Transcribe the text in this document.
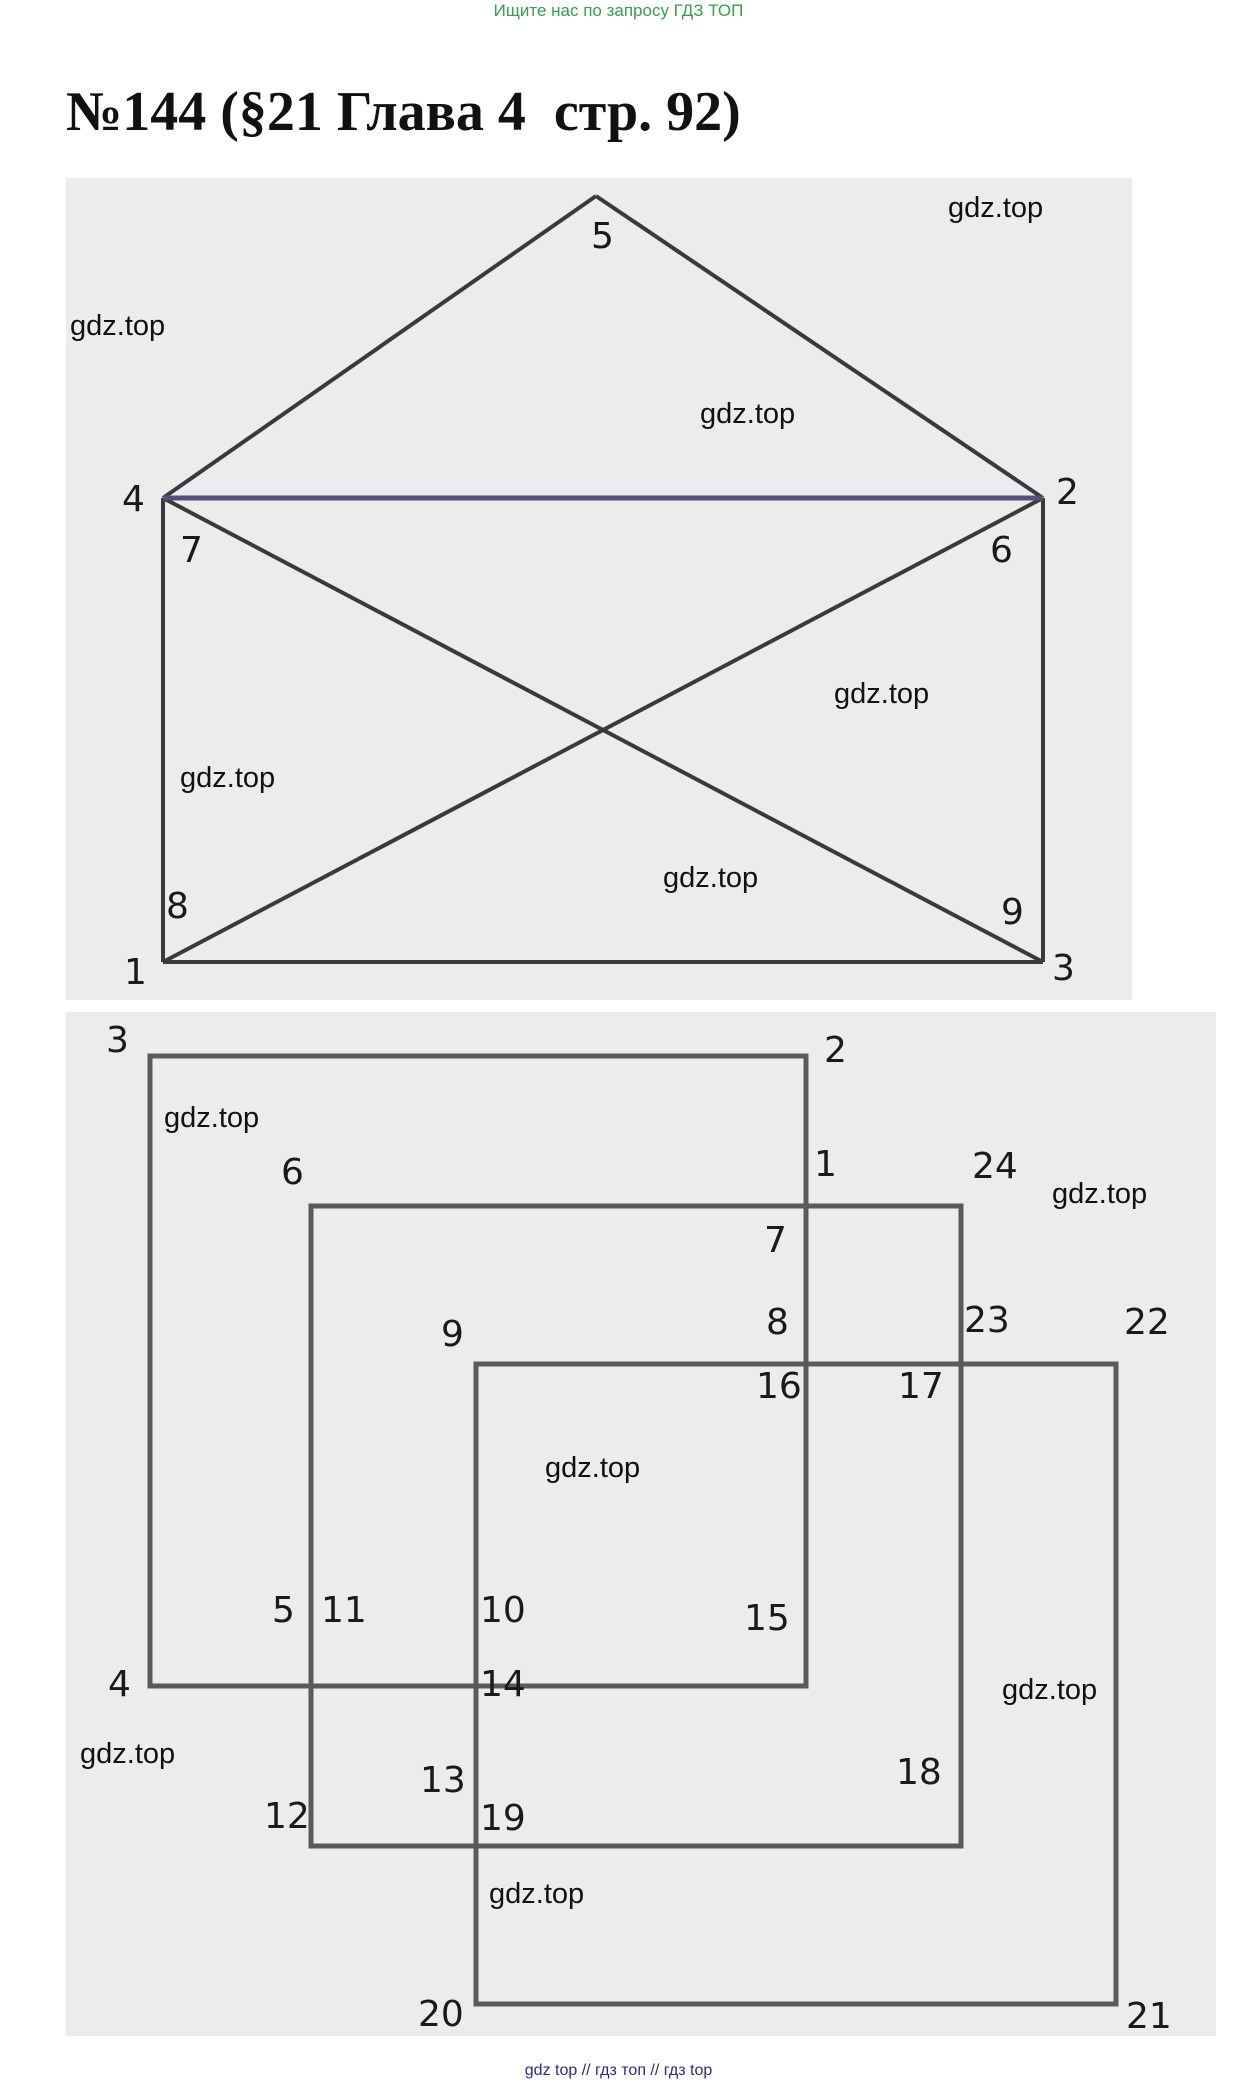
Ищите нас по запросу ГДЗ ТОП
№144 (§21 Глава 4  стр. 92)
5
4	2
7	6
8	9
1	3
3	2
6	1	24
7
9	8	23	22
16	17
5 11	10	15
4	14
13	18
12	19
20	21
gdz.top
gdz.top
gdz.top
gdz.top
gdz.top
gdz.top
gdz.top
gdz.top
gdz.top
gdz.top
gdz.top
gdz.top
gdz top // гдз топ // гдз top
